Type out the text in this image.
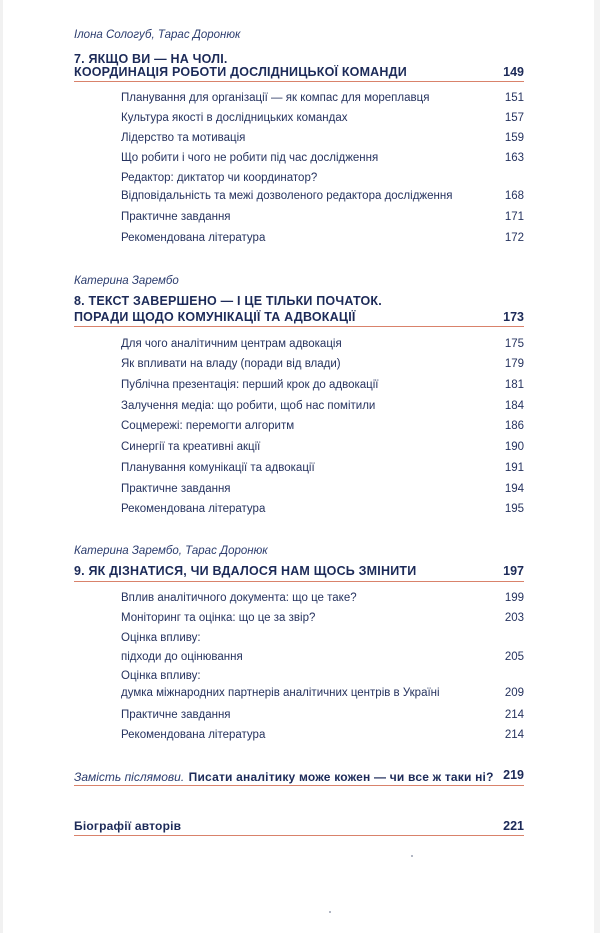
Ілона Сологуб, Тарас Доронюк
7. ЯКЩО ВИ — НА ЧОЛІ.
КООРДИНАЦІЯ РОБОТИ ДОСЛІДНИЦЬКОЇ КОМАНДИ	149
Планування для організації — як компас для мореплавця	151
Культура якості в дослідницьких командах	157
Лідерство та мотивація	159
Що робити і чого не робити під час дослідження	163
Редактор: диктатор чи координатор?
Відповідальність та межі дозволеного редактора дослідження	168
Практичне завдання	171
Рекомендована література	172
Катерина Зарембо
8. ТЕКСТ ЗАВЕРШЕНО — І ЦЕ ТІЛЬКИ ПОЧАТОК.
ПОРАДИ ЩОДО КОМУНІКАЦІЇ ТА АДВОКАЦІЇ	173
Для чого аналітичним центрам адвокація	175
Як впливати на владу (поради від влади)	179
Публічна презентація: перший крок до адвокації	181
Залучення медіа: що робити, щоб нас помітили	184
Соцмережі: перемогти алгоритм	186
Синергії та креативні акції	190
Планування комунікації та адвокації	191
Практичне завдання	194
Рекомендована література	195
Катерина Зарембо, Тарас Доронюк
9. ЯК ДІЗНАТИСЯ, ЧИ ВДАЛОСЯ НАМ ЩОСЬ ЗМІНИТИ	197
Вплив аналітичного документа: що це таке?	199
Моніторинг та оцінка: що це за звір?	203
Оцінка впливу:
підходи до оцінювання	205
Оцінка впливу:
думка міжнародних партнерів аналітичних центрів в Україні	209
Практичне завдання	214
Рекомендована література	214
Замість післямови. Писати аналітику може кожен — чи все ж таки ні? 219
Біографії авторів	221
